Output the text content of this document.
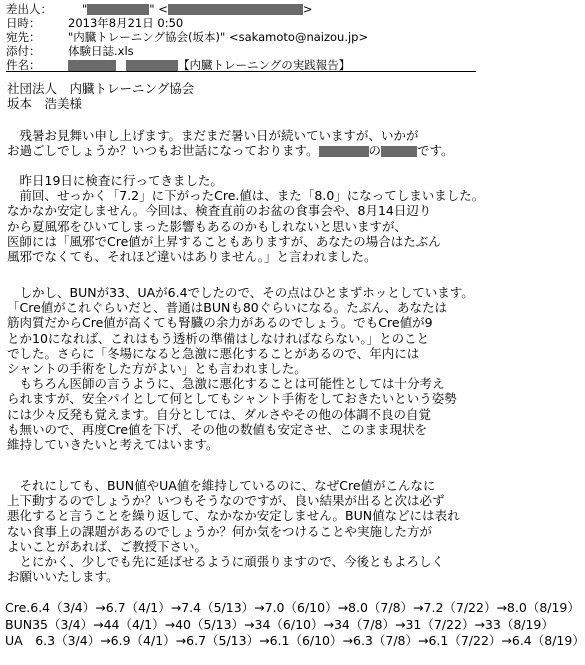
差出人：	"	" <	>
日時：	2013年8月21日 0:50
宛先：	"内臓トレーニング協会(坂本)" <sakamoto@naizou.jp>
添付：	体験日誌.xls
件名：	【内臓トレーニングの実践報告】
社団法人　内臓トレーニング協会
坂本　浩美様
　残暑お見舞い申し上げます。まだまだ暑い日が続いていますが、いかが
お過ごしでしょうか？いつもお世話になっております。	の	です。
　昨日19日に検査に行ってきました。
　前回、せっかく「7.2」に下がったCre.値は、また「8.0」になってしまいました。
なかなか安定しません。今回は、検査直前のお盆の食事会や、8月14日辺り
から夏風邪をひいてしまった影響もあるのかもしれないと思いますが、
医師には「風邪でCre値が上昇することもありますが、あなたの場合はたぶん
風邪でなくても、それほど違いはありません。」と言われました。
　しかし、BUNが33、UAが6.4でしたので、その点はひとまずホッとしています。
「Cre値がこれぐらいだと、普通はBUNも80ぐらいになる。たぶん、あなたは
筋肉質だからCre値が高くても腎臓の余力があるのでしょう。でもCre値が9
とか10になれば、これはもう透析の準備はしなければならない。」とのこと
でした。さらに「冬場になると急激に悪化することがあるので、年内には
シャントの手術をした方がよい」とも言われました。
　もちろん医師の言うように、急激に悪化することは可能性としては十分考え
られますが、安全パイとして何としてもシャント手術をしておきたいという姿勢
には少々反発も覚えます。自分としては、ダルさやその他の体調不良の自覚
も無いので、再度Cre値を下げ、その他の数値も安定させ、このまま現状を
維持していきたいと考えてはいます。
　それにしても、BUN値やUA値を維持しているのに、なぜCre値がこんなに
上下動するのでしょうか？いつもそうなのですが、良い結果が出ると次は必ず
悪化すると言うことを繰り返して、なかなか安定しません。BUN値などには表れ
ない食事上の課題があるのでしょうか？何か気をつけることや実施した方が
よいことがあれば、ご教授下さい。
　とにかく、少しでも先に延ばせるように頑張りますので、今後ともよろしく
お願いいたします。
Cre.6.4（3/4）→6.7（4/1）→7.4（5/13）→7.0（6/10）→8.0（7/8）→7.2（7/22）→8.0（8/19）
BUN35（3/4）→44（4/1）→40（5/13）→34（6/10）→34（7/8）→31（7/22）→33（8/19）
UA　6.3（3/4）→6.9（4/1）→6.7（5/13）→6.1（6/10）→6.3（7/8）→6.1（7/22）→6.4（8/19）
